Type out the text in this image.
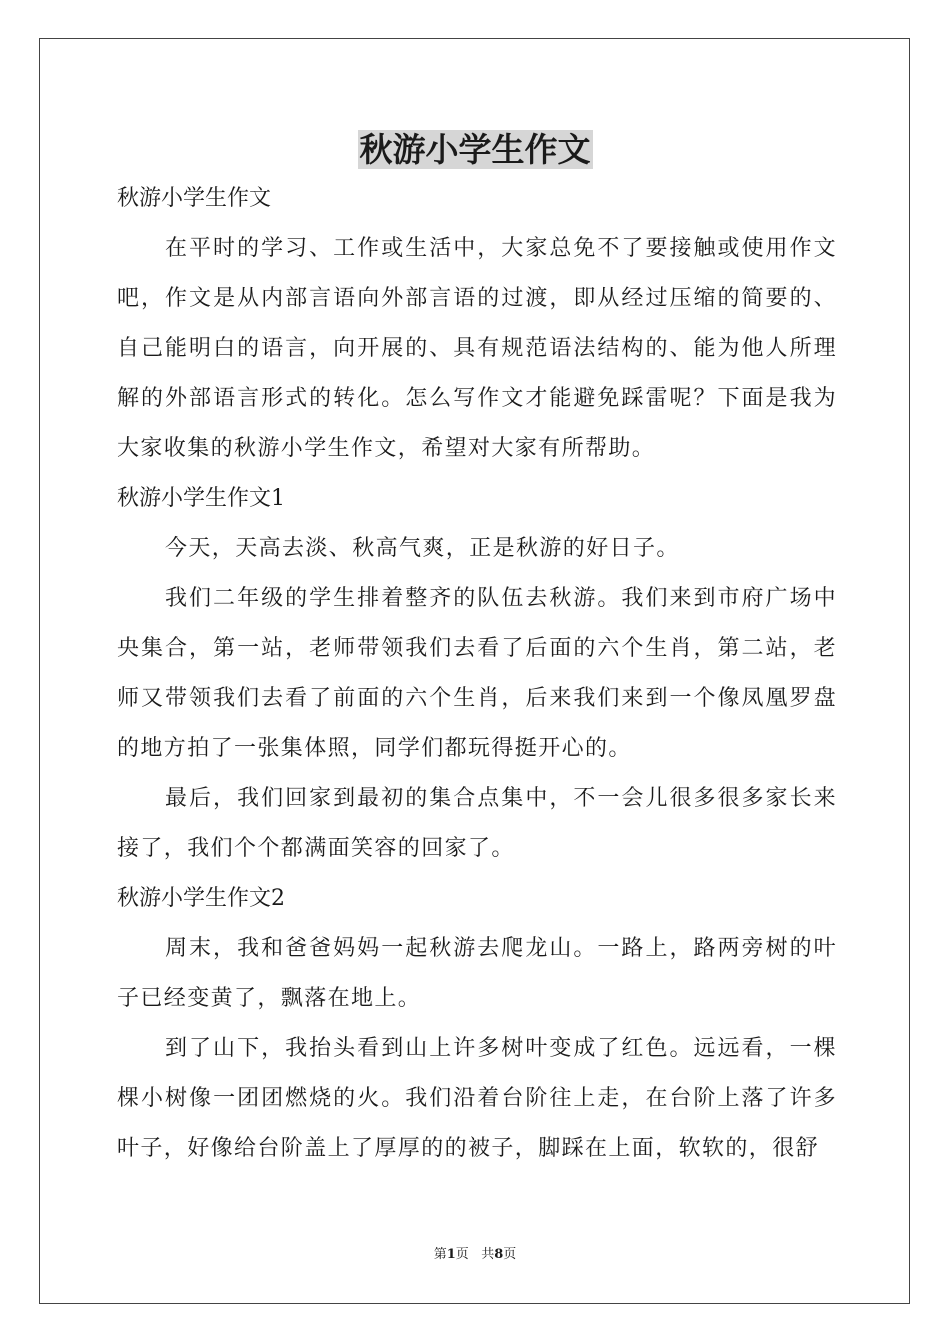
秋游小学生作文

秋游小学生作文

在平时的学习、工作或生活中，大家总免不了要接触或使用作文吧，作文是从内部言语向外部言语的过渡，即从经过压缩的简要的、自己能明白的语言，向开展的、具有规范语法结构的、能为他人所理解的外部语言形式的转化。怎么写作文才能避免踩雷呢？下面是我为大家收集的秋游小学生作文，希望对大家有所帮助。

秋游小学生作文1

今天，天高去淡、秋高气爽，正是秋游的好日子。

我们二年级的学生排着整齐的队伍去秋游。我们来到市府广场中央集合，第一站，老师带领我们去看了后面的六个生肖，第二站，老师又带领我们去看了前面的六个生肖，后来我们来到一个像凤凰罗盘的地方拍了一张集体照，同学们都玩得挺开心的。

最后，我们回家到最初的集合点集中，不一会儿很多很多家长来接了，我们个个都满面笑容的回家了。

秋游小学生作文2

周末，我和爸爸妈妈一起秋游去爬龙山。一路上，路两旁树的叶子已经变黄了，飘落在地上。

到了山下，我抬头看到山上许多树叶变成了红色。远远看，一棵棵小树像一团团燃烧的火。我们沿着台阶往上走，在台阶上落了许多叶子，好像给台阶盖上了厚厚的的被子，脚踩在上面，软软的，很舒

第1页 共8页
